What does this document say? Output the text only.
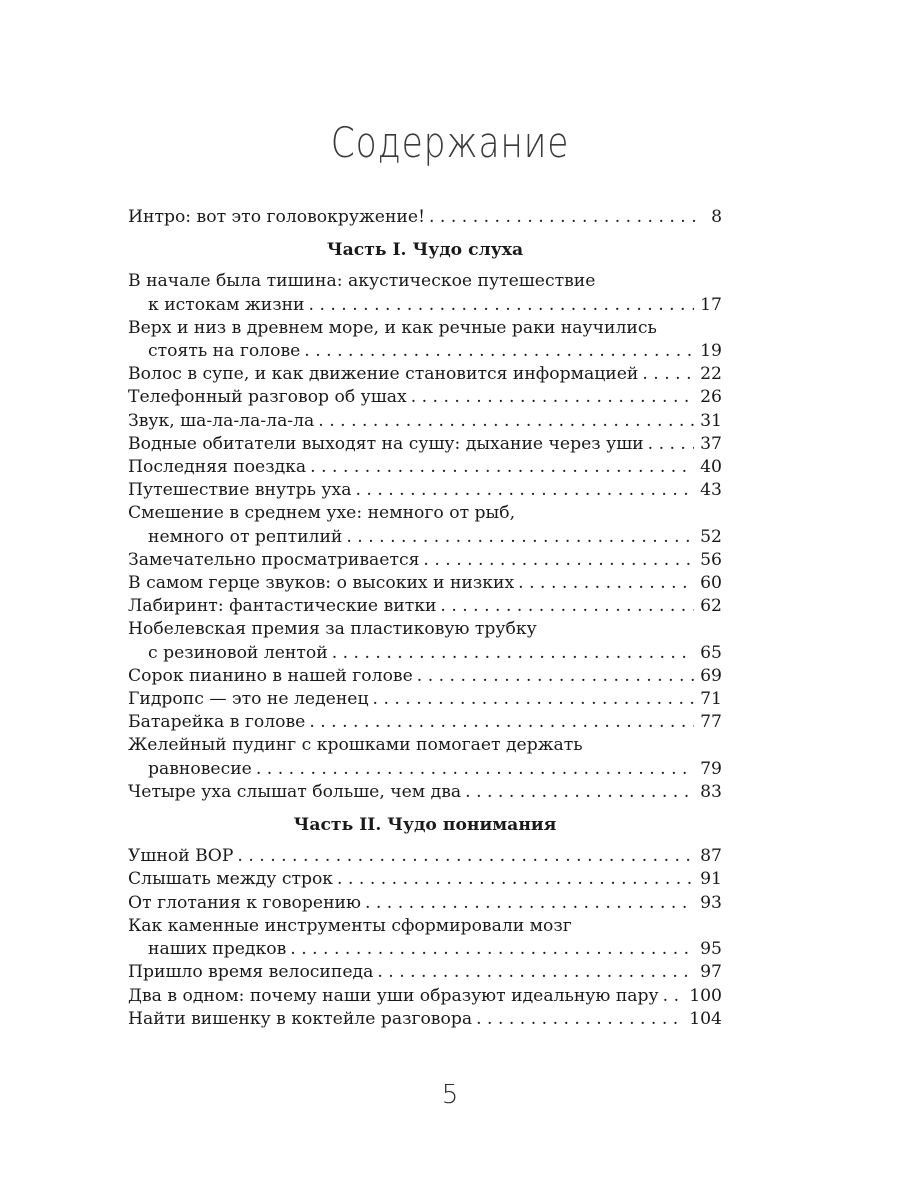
Содержание
Интро: вот это головокружение! . . .	8
Часть I. Чудо слуха
В начале была тишина: акустическое путешествие
к истокам жизни . . .	17
Верх и низ в древнем море, и как речные раки научились
стоять на голове . . .	19
Волос в супе, и как движение становится информацией . . .	22
Телефонный разговор об ушах . . .	26
Звук, ша-ла-ла-ла-ла . . .	31
Водные обитатели выходят на сушу: дыхание через уши . . .	37
Последняя поездка . . .	40
Путешествие внутрь уха . . .	43
Смешение в среднем ухе: немного от рыб,
немного от рептилий . . .	52
Замечательно просматривается . . .	56
В самом герце звуков: о высоких и низких . . .	60
Лабиринт: фантастические витки . . .	62
Нобелевская премия за пластиковую трубку
с резиновой лентой . . .	65
Сорок пианино в нашей голове . . .	69
Гидропс — это не леденец . . .	71
Батарейка в голове . . .	77
Желейный пудинг с крошками помогает держать
равновесие . . .	79
Четыре уха слышат больше, чем два . . .	83
Часть II. Чудо понимания
Ушной ВОР . . .	87
Слышать между строк . . .	91
От глотания к говорению . . .	93
Как каменные инструменты сформировали мозг
наших предков . . .	95
Пришло время велосипеда . . .	97
Два в одном: почему наши уши образуют идеальную пару . . . 100
Найти вишенку в коктейле разговора . . .	104
5
